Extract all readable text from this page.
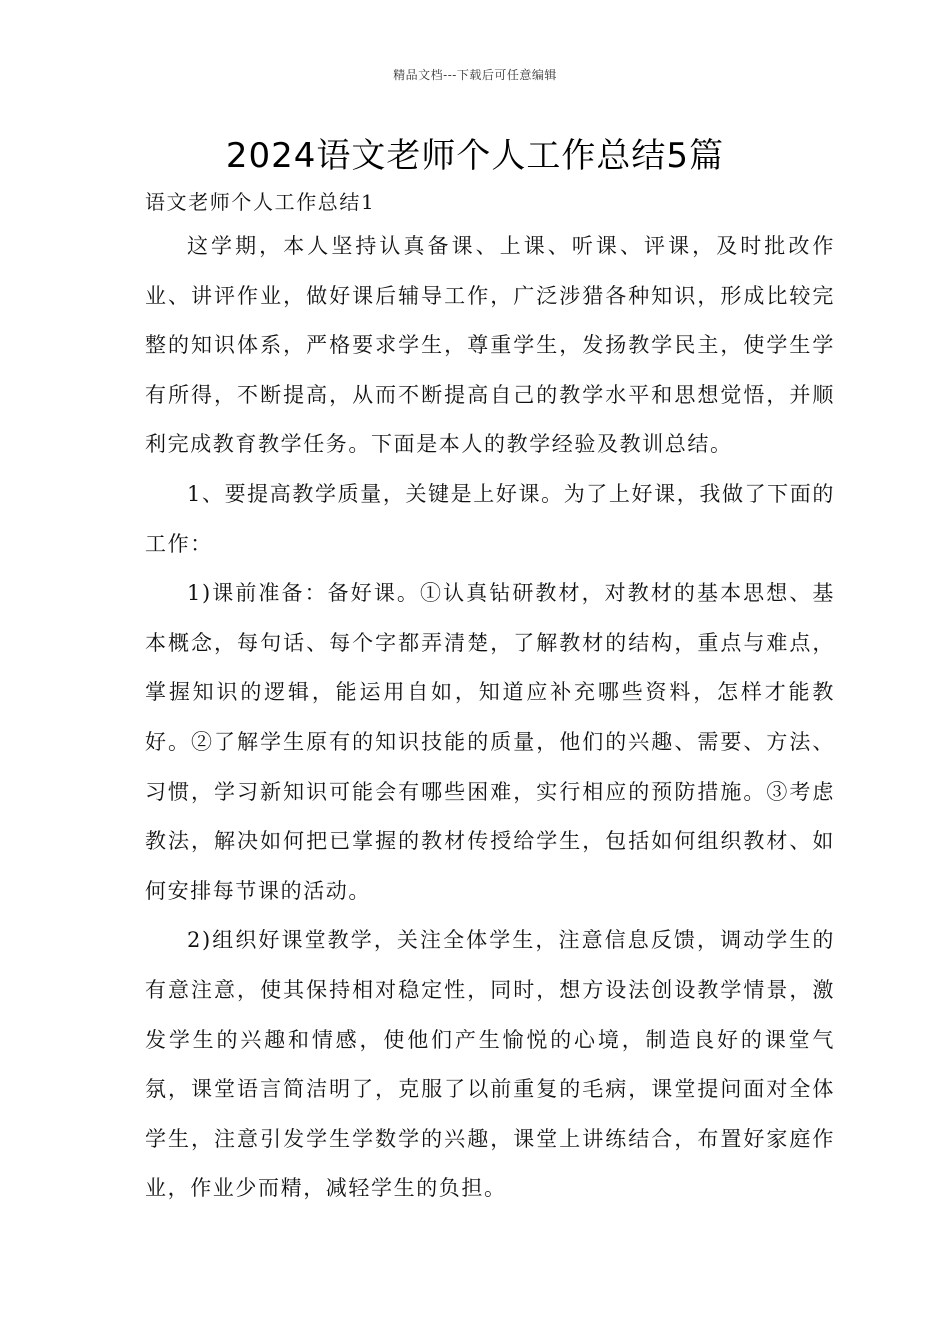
精品文档---下载后可任意编辑
2024语文老师个人工作总结5篇

语文老师个人工作总结1

这学期，本人坚持认真备课、上课、听课、评课，及时批改作业、讲评作业，做好课后辅导工作，广泛涉猎各种知识，形成比较完整的知识体系，严格要求学生，尊重学生，发扬教学民主，使学生学有所得，不断提高，从而不断提高自己的教学水平和思想觉悟，并顺利完成教育教学任务。下面是本人的教学经验及教训总结。

1、要提高教学质量，关键是上好课。为了上好课，我做了下面的工作：

1)课前准备：备好课。①认真钻研教材，对教材的基本思想、基本概念，每句话、每个字都弄清楚，了解教材的结构，重点与难点，掌握知识的逻辑，能运用自如，知道应补充哪些资料，怎样才能教好。②了解学生原有的知识技能的质量，他们的兴趣、需要、方法、习惯，学习新知识可能会有哪些困难，实行相应的预防措施。③考虑教法，解决如何把已掌握的教材传授给学生，包括如何组织教材、如何安排每节课的活动。

2)组织好课堂教学，关注全体学生，注意信息反馈，调动学生的有意注意，使其保持相对稳定性，同时，想方设法创设教学情景，激发学生的兴趣和情感，使他们产生愉悦的心境，制造良好的课堂气氛，课堂语言简洁明了，克服了以前重复的毛病，课堂提问面对全体学生，注意引发学生学数学的兴趣，课堂上讲练结合，布置好家庭作业，作业少而精，减轻学生的负担。
